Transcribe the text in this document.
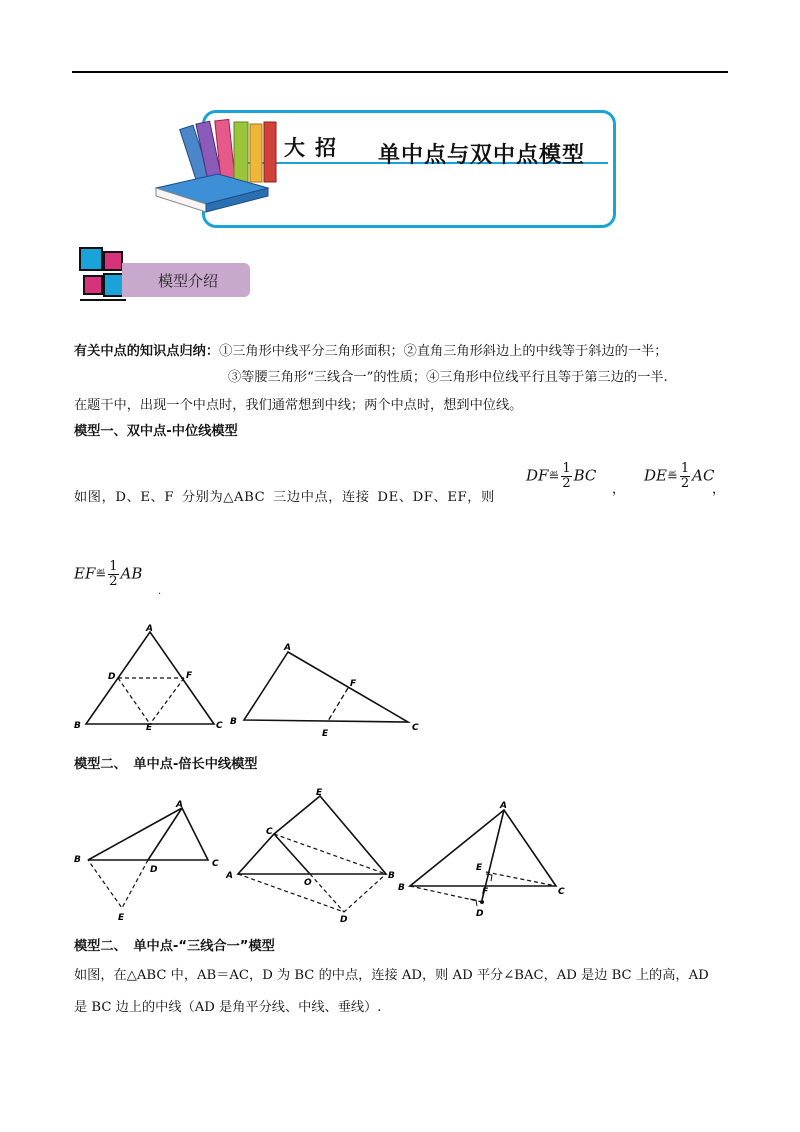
大招 单中点与双中点模型
模型介绍
有关中点的知识点归纳：①三角形中线平分三角形面积；②直角三角形斜边上的中线等于斜边的一半；
③等腰三角形“三线合一”的性质；④三角形中位线平行且等于第三边的一半.
在题干中，出现一个中点时，我们通常想到中线；两个中点时，想到中位线。
模型一、双中点-中位线模型
如图，D、E、F 分别为△ABC 三边中点，连接 DE、DF、EF，则
DF≝ $\frac{1}{2}$ BC
，
DE≝ $\frac{1}{2}$ AC
，
EF≝ $\frac{1}{2}$ AB
.
A
B	C
D
E
F
A
B
C
E
F
模型二、　单中点-倍长中线模型
A
B	C
D
E
E
C
A	B
O
D
A
B	C
E
F
D
模型二、　单中点-“三线合一”模型
如图，在△ABC 中，AB＝AC，D 为 BC 的中点，连接 AD，则 AD 平分∠BAC，AD 是边 BC 上的高，AD
是 BC 边上的中线（AD 是角平分线、中线、垂线）.
